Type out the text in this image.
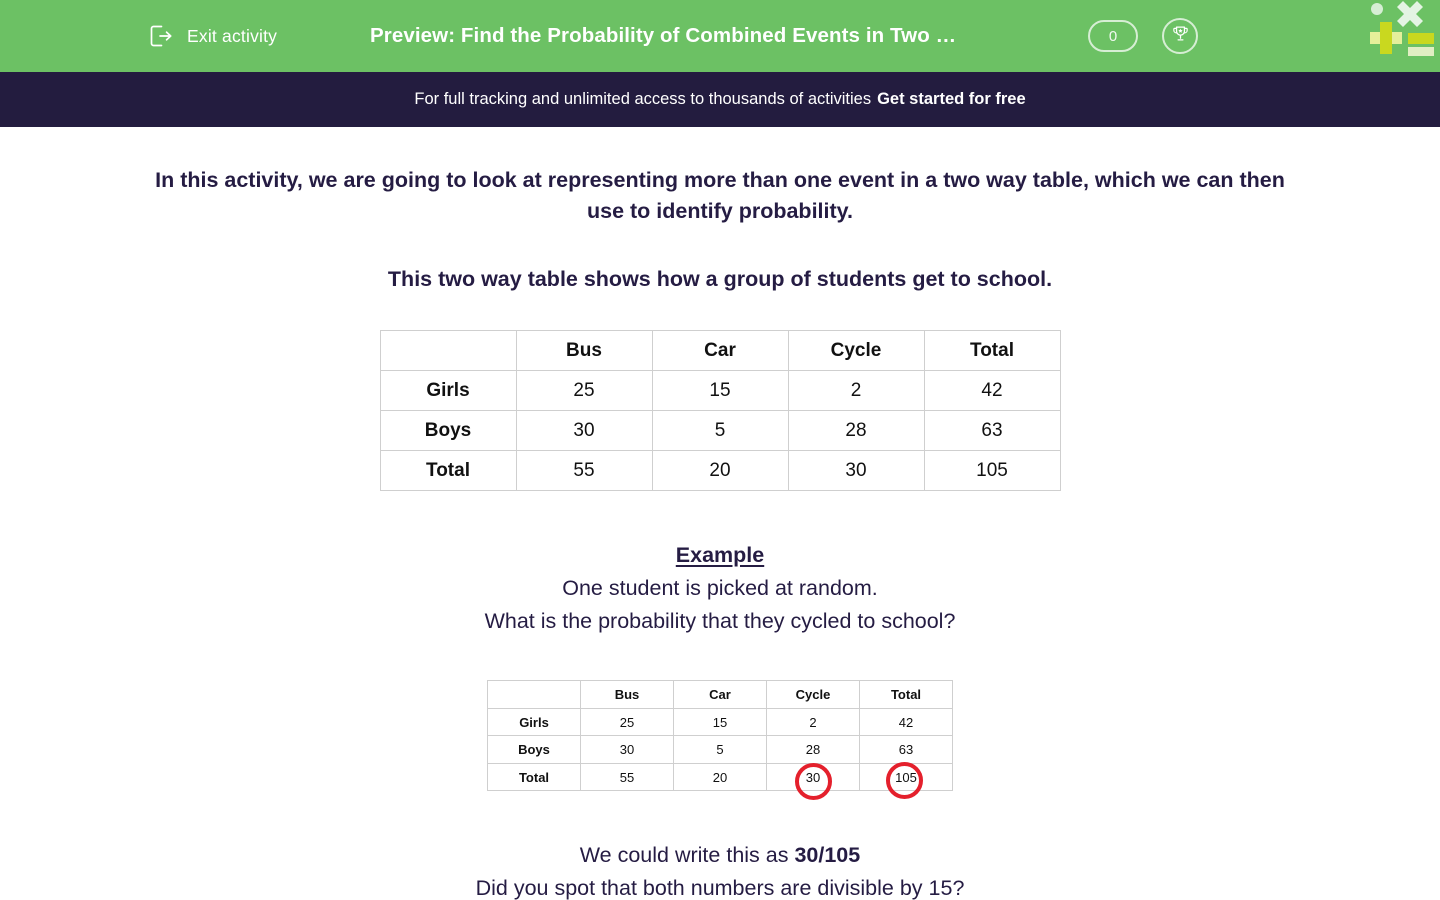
Exit activity	Preview: Find the Probability of Combined Events in Two …	0
For full tracking and unlimited access to thousands of activities Get started for free
In this activity, we are going to look at representing more than one event in a two way table, which we can then use to identify probability.
This two way table shows how a group of students get to school.
	Bus	Car	Cycle	Total
Girls	25	15	2	42
Boys	30	5	28	63
Total	55	20	30	105
Example
One student is picked at random.
What is the probability that they cycled to school?
	Bus	Car	Cycle	Total
Girls	25	15	2	42
Boys	30	5	28	63
Total	55	20	30	105
We could write this as 30/105
Did you spot that both numbers are divisible by 15?
